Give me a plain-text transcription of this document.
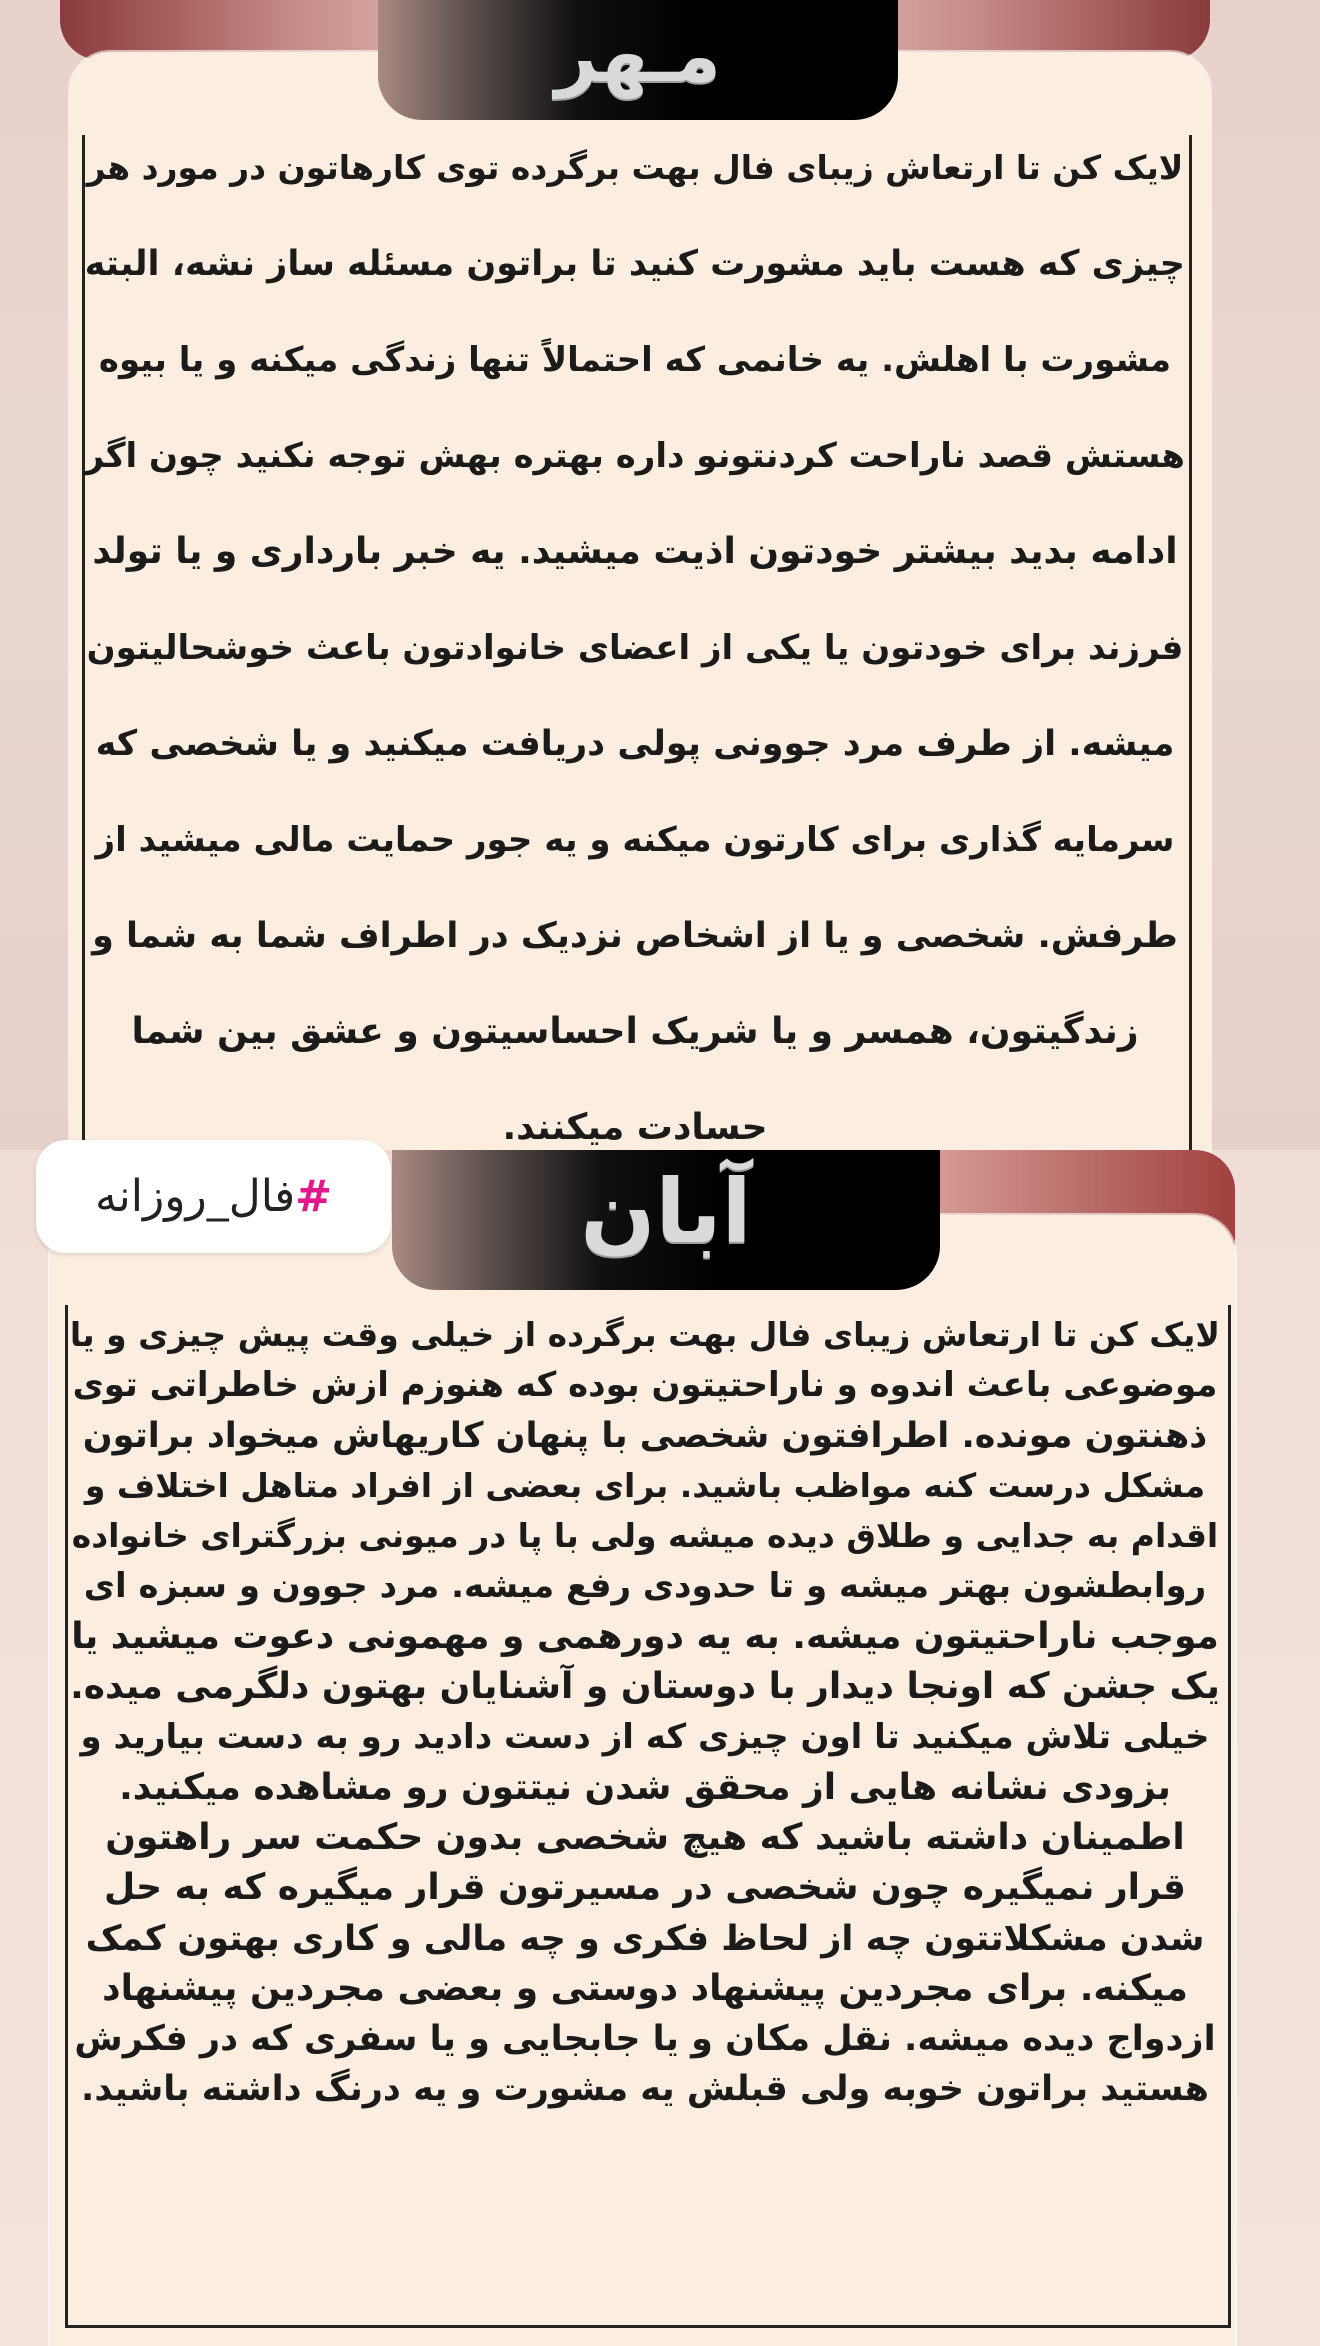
مـهر
لایک کن تا ارتعاش زیبای فال بهت برگرده توی کارهاتون در مورد هر
چیزی که هست باید مشورت کنید تا براتون مسئله ساز نشه، البته
مشورت با اهلش. یه خانمی که احتمالاً تنها زندگی میکنه و یا بیوه
هستش قصد ناراحت کردنتونو داره بهتره بهش توجه نکنید چون اگر
ادامه بدید بیشتر خودتون اذیت میشید. یه خبر بارداری و یا تولد
فرزند برای خودتون یا یکی از اعضای خانوادتون باعث خوشحالیتون
میشه. از طرف مرد جوونی پولی دریافت میکنید و یا شخصی که
سرمایه گذاری برای کارتون میکنه و یه جور حمایت مالی میشید از
طرفش. شخصی و یا از اشخاص نزدیک در اطراف شما به شما و
زندگیتون، همسر و یا شریک احساسیتون و عشق بین شما
حسادت میکنند.
آبان
#
فال_روزانه
لایک کن تا ارتعاش زیبای فال بهت برگرده از خیلی وقت پیش چیزی و یا
موضوعی باعث اندوه و ناراحتیتون بوده که هنوزم ازش خاطراتی توی
ذهنتون مونده. اطرافتون شخصی با پنهان کاریهاش میخواد براتون
مشکل درست کنه مواظب باشید. برای بعضی از افراد متاهل اختلاف و
اقدام به جدایی و طلاق دیده میشه ولی با پا در میونی بزرگترای خانواده
روابطشون بهتر میشه و تا حدودی رفع میشه. مرد جوون و سبزه ای
موجب ناراحتیتون میشه. به یه دورهمی و مهمونی دعوت میشید یا
یک جشن که اونجا دیدار با دوستان و آشنایان بهتون دلگرمی میده.
خیلی تلاش میکنید تا اون چیزی که از دست دادید رو به دست بیارید و
بزودی نشانه هایی از محقق شدن نیتتون رو مشاهده میکنید.
اطمینان داشته باشید که هیچ شخصی بدون حکمت سر راهتون
قرار نمیگیره چون شخصی در مسیرتون قرار میگیره که به حل
شدن مشکلاتتون چه از لحاظ فکری و چه مالی و کاری بهتون کمک
میکنه. برای مجردین پیشنهاد دوستی و بعضی مجردین پیشنهاد
ازدواج دیده میشه. نقل مکان و یا جابجایی و یا سفری که در فکرش
هستید براتون خوبه ولی قبلش یه مشورت و یه درنگ داشته باشید.
